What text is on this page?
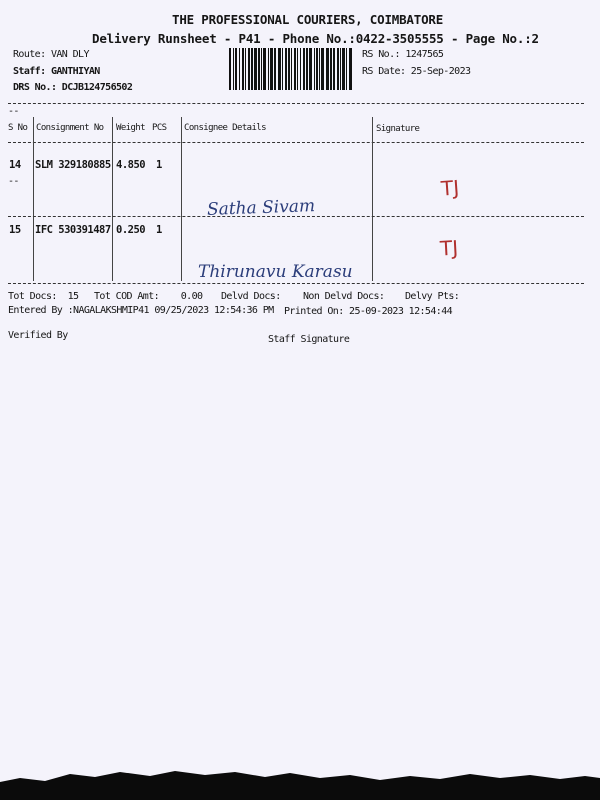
THE PROFESSIONAL COURIERS, COIMBATORE
Delivery Runsheet - P41 - Phone No.:0422-3505555 - Page No.:2
Route: VAN DLY
Staff: GANTHIYAN
DRS No.: DCJB124756502
RS No.: 1247565
RS Date: 25-Sep-2023
--
S No Consignment No Weight PCS Consignee Details	Signature
14 SLM 329180885 4.850 1
Satha Sivam
TJ
--
15 IFC 530391487 0.250 1
Thirunavu Karasu
TJ
Tot Docs:  15 Tot COD Amt:    0.00 Delvd Docs: Non Delvd Docs: Delvy Pts:
Entered By :NAGALAKSHMIP41 09/25/2023 12:54:36 PM Printed On: 25-09-2023 12:54:44
Verified By	Staff Signature
